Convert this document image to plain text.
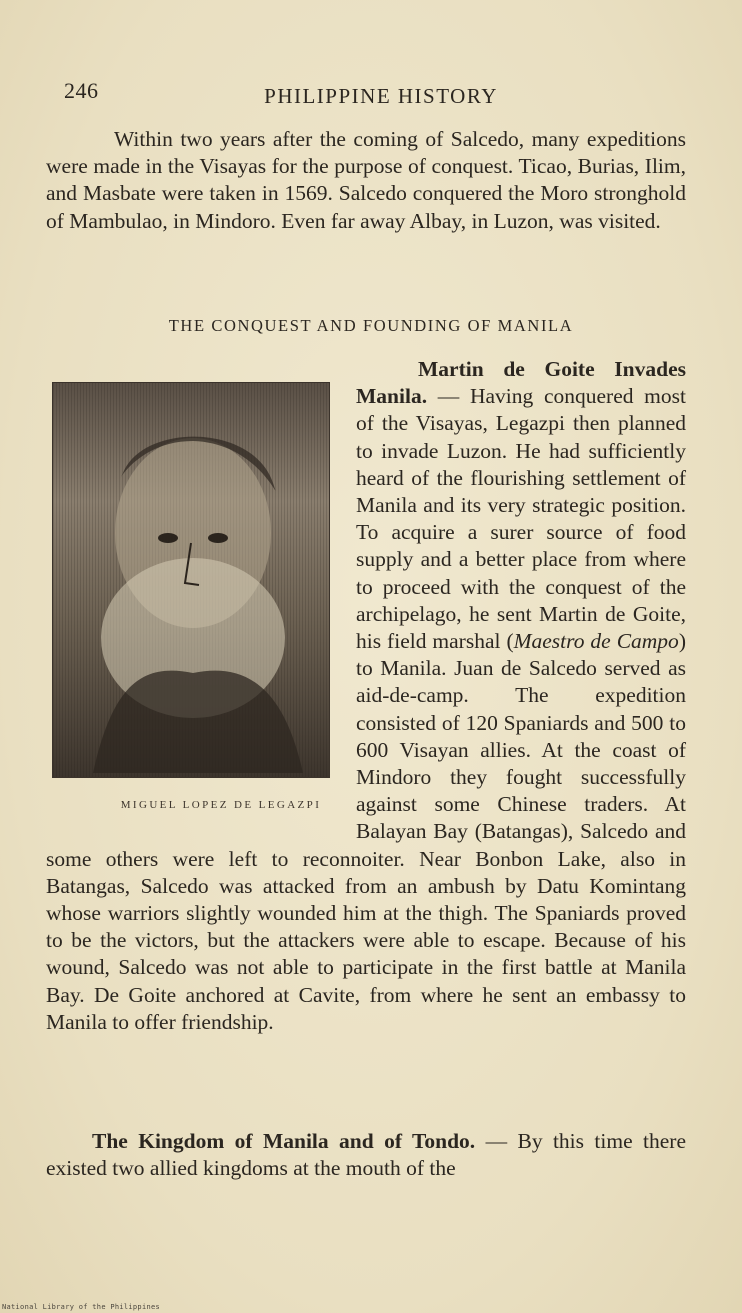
246	PHILIPPINE HISTORY

Within two years after the coming of Salcedo, many expeditions were made in the Visayas for the purpose of conquest. Ticao, Burias, Ilim, and Masbate were taken in 1569. Salcedo conquered the Moro stronghold of Mambulao, in Mindoro. Even far away Albay, in Luzon, was visited.

THE CONQUEST AND FOUNDING OF MANILA

MIGUEL LOPEZ DE LEGAZPI
Martin de Goite Invades Manila. — Having conquered most of the Visayas, Legazpi then planned to invade Luzon. He had sufficiently heard of the flourishing settlement of Manila and its very strategic position. To acquire a surer source of food supply and a better place from where to proceed with the conquest of the archipelago, he sent Martin de Goite, his field marshal (Maestro de Campo) to Manila. Juan de Salcedo served as aid-de-camp. The expedition consisted of 120 Spaniards and 500 to 600 Visayan allies. At the coast of Mindoro they fought successfully against some Chinese traders. At Balayan Bay (Batangas), Salcedo and some others were left to reconnoiter. Near Bonbon Lake, also in Batangas, Salcedo was attacked from an ambush by Datu Komintang whose warriors slightly wounded him at the thigh. The Spaniards proved to be the victors, but the attackers were able to escape. Because of his wound, Salcedo was not able to participate in the first battle at Manila Bay. De Goite anchored at Cavite, from where he sent an embassy to Manila to offer friendship.

The Kingdom of Manila and of Tondo. — By this time there existed two allied kingdoms at the mouth of the

National Library of the Philippines
